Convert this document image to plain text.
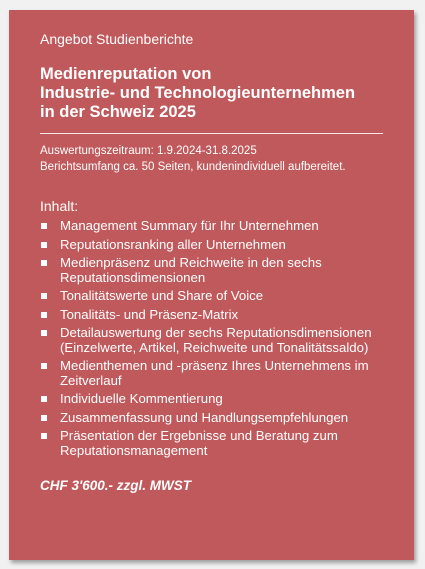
Angebot Studienberichte
Medienreputation von
Industrie- und Technologieunternehmen
in der Schweiz 2025
Auswertungszeitraum: 1.9.2024-31.8.2025
Berichtsumfang ca. 50 Seiten, kundenindividuell aufbereitet.
Inhalt:
Management Summary für Ihr Unternehmen
Reputationsranking aller Unternehmen
Medienpräsenz und Reichweite in den sechs Reputationsdimensionen
Tonalitätswerte und Share of Voice
Tonalitäts- und Präsenz-Matrix
Detailauswertung der sechs Reputationsdimensionen (Einzelwerte, Artikel, Reichweite und Tonalitätssaldo)
Medienthemen und -präsenz Ihres Unternehmens im Zeitverlauf
Individuelle Kommentierung
Zusammenfassung und Handlungsempfehlungen
Präsentation der Ergebnisse und Beratung zum Reputationsmanagement
CHF 3'600.- zzgl. MWST
